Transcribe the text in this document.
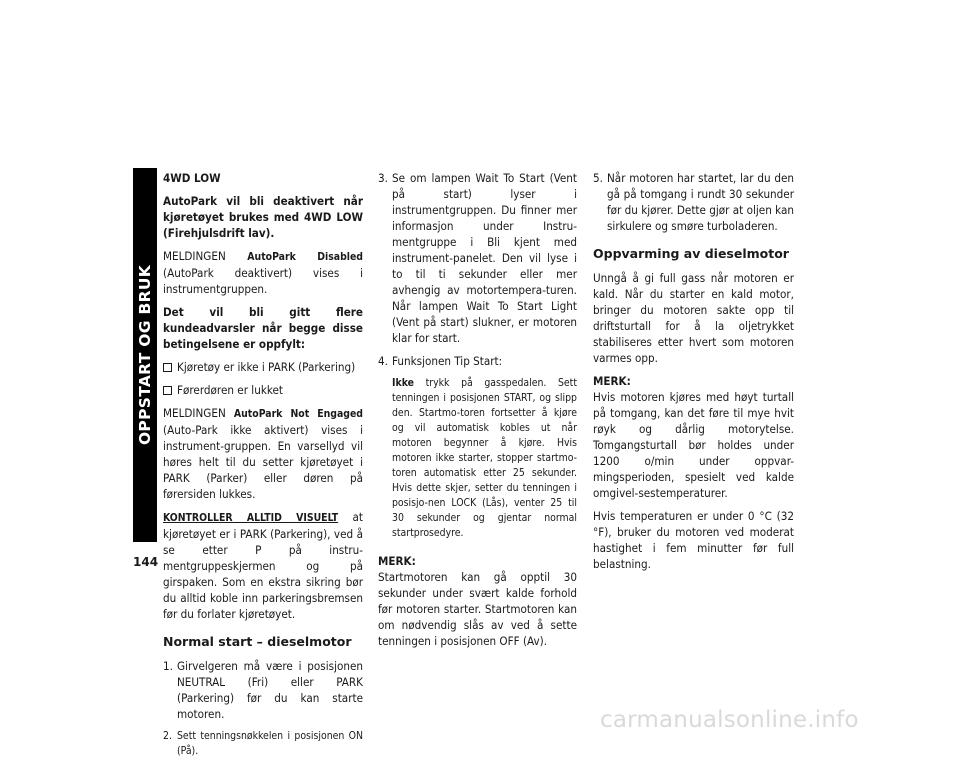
OPPSTART OG BRUK
144

4WD LOW

AutoPark vil bli deaktivert når kjøretøyet brukes med 4WD LOW (Firehjulsdrift lav).

MELDINGEN AutoPark Disabled (AutoPark deaktivert) vises i instrumentgruppen.

Det vil bli gitt flere kundeadvarsler når begge disse betingelsene er oppfylt:

Kjøretøy er ikke i PARK (Parkering)
Førerdøren er lukket

MELDINGEN AutoPark Not Engaged (Auto-Park ikke aktivert) vises i instrument-gruppen. En varsellyd vil høres helt til du setter kjøretøyet i PARK (Parker) eller døren på førersiden lukkes.

KONTROLLER ALLTID VISUELT at kjøretøyet er i PARK (Parkering), ved å se etter P på instru-mentgruppeskjermen og på girspaken. Som en ekstra sikring bør du alltid koble inn parkeringsbremsen før du forlater kjøretøyet.

Normal start – dieselmotor
1. Girvelgeren må være i posisjonen NEUTRAL (Fri) eller PARK (Parkering) før du kan starte motoren.
2. Sett tenningsnøkkelen i posisjonen ON (På).
3. Se om lampen Wait To Start (Vent på start) lyser i instrumentgruppen. Du finner mer informasjon under Instru-mentgruppe i Bli kjent med instrument-panelet. Den vil lyse i to til ti sekunder eller mer avhengig av motortempera-turen. Når lampen Wait To Start Light (Vent på start) slukner, er motoren klar for start.
4. Funksjonen Tip Start:

Ikke trykk på gasspedalen. Sett tenningen i posisjonen START, og slipp den. Startmo-toren fortsetter å kjøre og vil automatisk kobles ut når motoren begynner å kjøre. Hvis motoren ikke starter, stopper startmo-toren automatisk etter 25 sekunder. Hvis dette skjer, setter du tenningen i posisjo-nen LOCK (Lås), venter 25 til 30 sekunder og gjentar normal startprosedyre.

MERK:

Startmotoren kan gå opptil 30 sekunder under svært kalde forhold før motoren starter. Startmotoren kan om nødvendig slås av ved å sette tenningen i posisjonen OFF (Av).

5. Når motoren har startet, lar du den gå på tomgang i rundt 30 sekunder før du kjører. Dette gjør at oljen kan sirkulere og smøre turboladeren.
Oppvarming av dieselmotor

Unngå å gi full gass når motoren er kald. Når du starter en kald motor, bringer du motoren sakte opp til driftsturtall for å la oljetrykket stabiliseres etter hvert som motoren varmes opp.

MERK:

Hvis motoren kjøres med høyt turtall på tomgang, kan det føre til mye hvit røyk og dårlig motorytelse. Tomgangsturtall bør holdes under 1200 o/min under oppvar-mingsperioden, spesielt ved kalde omgivel-sestemperaturer.

Hvis temperaturen er under 0 °C (32 °F), bruker du motoren ved moderat hastighet i fem minutter før full belastning.

carmanualsonline.info
